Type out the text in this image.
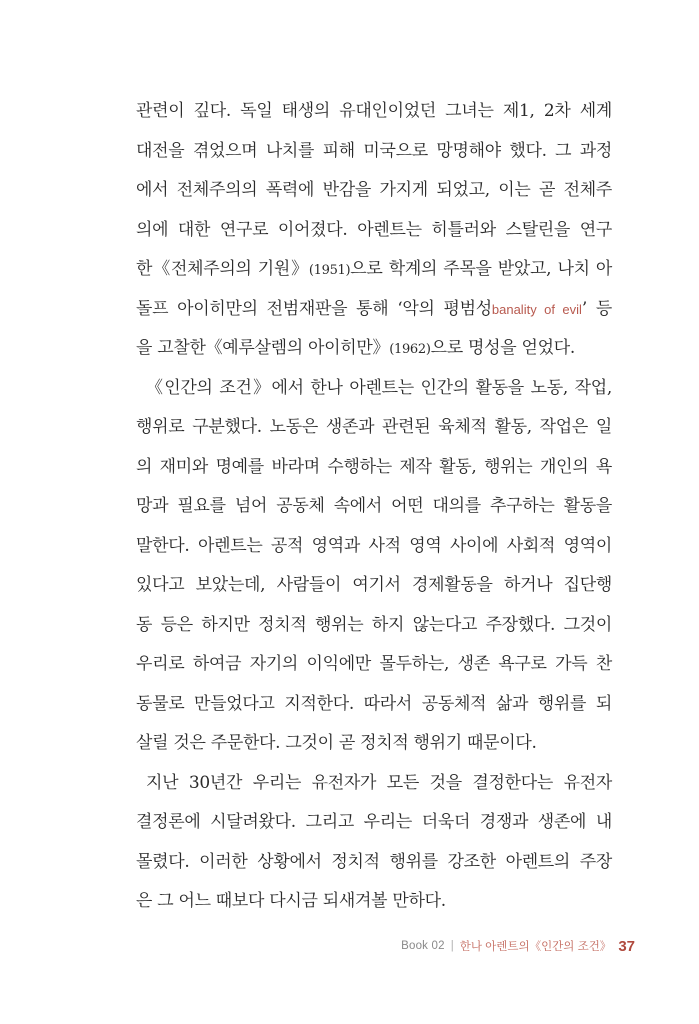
관련이 깊다. 독일 태생의 유대인이었던 그녀는 제1, 2차 세계
대전을 겪었으며 나치를 피해 미국으로 망명해야 했다. 그 과정
에서 전체주의의 폭력에 반감을 가지게 되었고, 이는 곧 전체주
의에 대한 연구로 이어졌다. 아렌트는 히틀러와 스탈린을 연구
한《전체주의의 기원》(1951)으로 학계의 주목을 받았고, 나치 아
돌프 아이히만의 전범재판을 통해 ‘악의 평범성banality of evil’ 등
을 고찰한《예루살렘의 아이히만》(1962)으로 명성을 얻었다.
《인간의 조건》에서 한나 아렌트는 인간의 활동을 노동, 작업,
행위로 구분했다. 노동은 생존과 관련된 육체적 활동, 작업은 일
의 재미와 명예를 바라며 수행하는 제작 활동, 행위는 개인의 욕
망과 필요를 넘어 공동체 속에서 어떤 대의를 추구하는 활동을
말한다. 아렌트는 공적 영역과 사적 영역 사이에 사회적 영역이
있다고 보았는데, 사람들이 여기서 경제활동을 하거나 집단행
동 등은 하지만 정치적 행위는 하지 않는다고 주장했다. 그것이
우리로 하여금 자기의 이익에만 몰두하는, 생존 욕구로 가득 찬
동물로 만들었다고 지적한다. 따라서 공동체적 삶과 행위를 되
살릴 것은 주문한다. 그것이 곧 정치적 행위기 때문이다.
지난 30년간 우리는 유전자가 모든 것을 결정한다는 유전자
결정론에 시달려왔다. 그리고 우리는 더욱더 경쟁과 생존에 내
몰렸다. 이러한 상황에서 정치적 행위를 강조한 아렌트의 주장
은 그 어느 때보다 다시금 되새겨볼 만하다.
Book 02 | 한나 아렌트의《인간의 조건》 37
